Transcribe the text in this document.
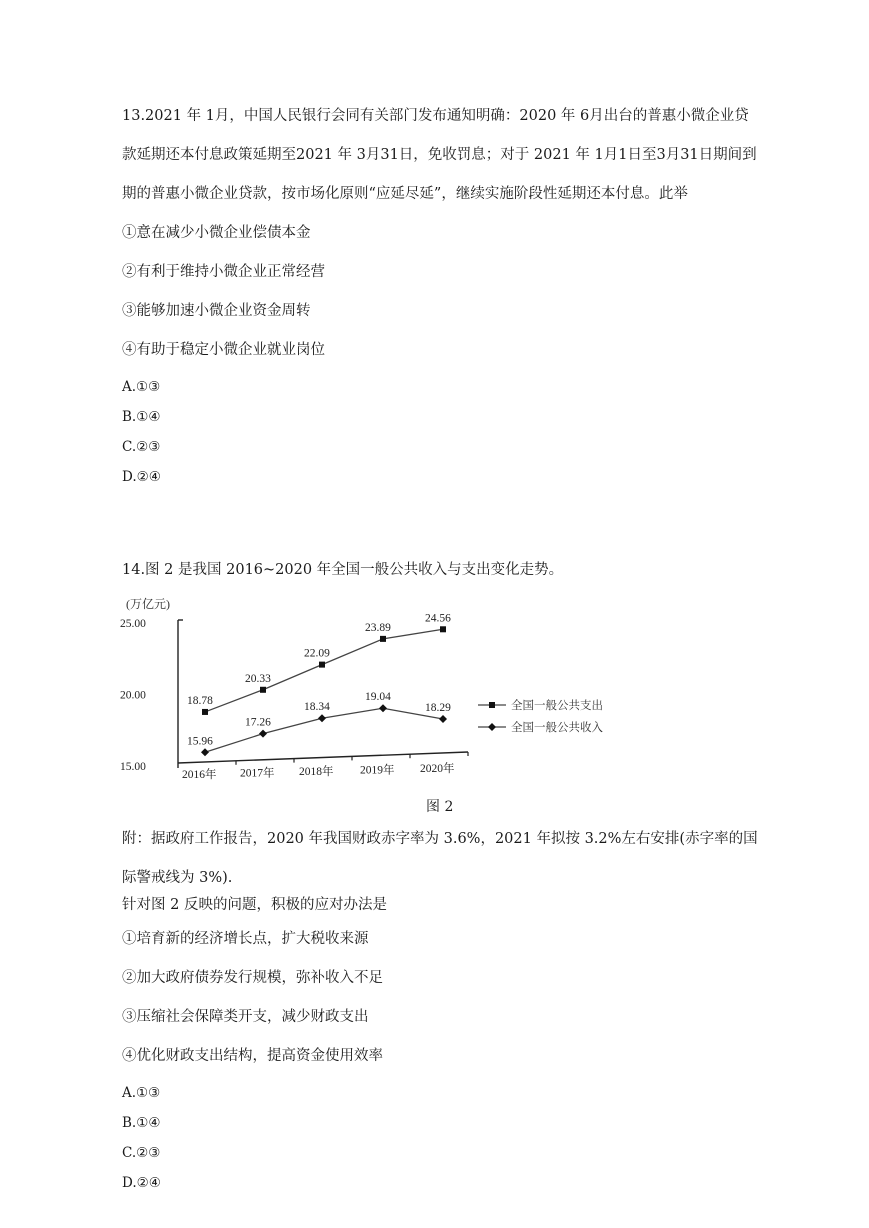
13.2021 年 1月，中国人民银行会同有关部门发布通知明确：2020 年 6月出台的普惠小微企业贷
款延期还本付息政策延期至2021 年 3月31日，免收罚息；对于 2021 年 1月1日至3月31日期间到
期的普惠小微企业贷款，按市场化原则“应延尽延”，继续实施阶段性延期还本付息。此举
①意在减少小微企业偿债本金
②有利于维持小微企业正常经营
③能够加速小微企业资金周转
④有助于稳定小微企业就业岗位
A.①③
B.①④
C.②③
D.②④
14.图 2 是我国 2016~2020 年全国一般公共收入与支出变化走势。
(万亿元)
25.00
20.00
15.00
2016年 2017年 2018年 2019年 2020年
18.78
20.33
22.09
23.89
24.56
15.96
17.26
18.34
19.04
18.29	全国一般公共支出
全国一般公共收入
图 2
附：据政府工作报告，2020 年我国财政赤字率为 3.6%，2021 年拟按 3.2%左右安排(赤字率的国
际警戒线为 3%).
针对图 2 反映的问题，积极的应对办法是
①培育新的经济增长点，扩大税收来源
②加大政府债券发行规模，弥补收入不足
③压缩社会保障类开支，减少财政支出
④优化财政支出结构，提高资金使用效率
A.①③
B.①④
C.②③
D.②④
